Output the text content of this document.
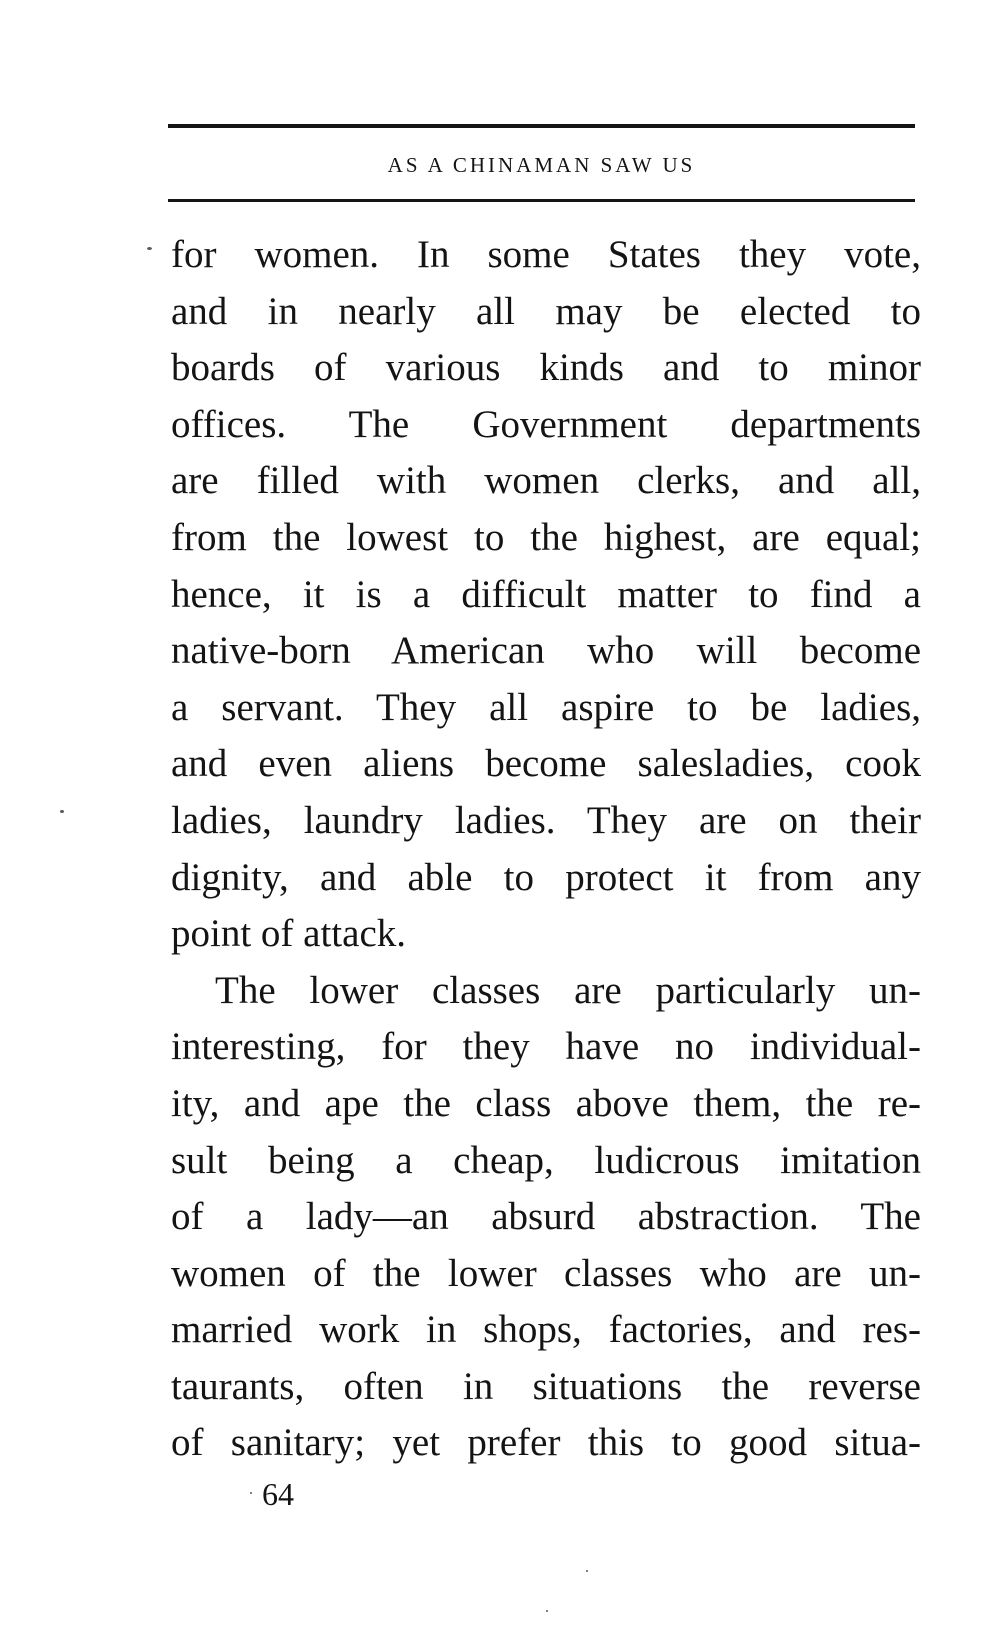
AS A CHINAMAN SAW US
for women. In some States they vote,
and in nearly all may be elected to
boards of various kinds and to minor
offices. The Government departments
are filled with women clerks, and all,
from the lowest to the highest, are equal;
hence, it is a difficult matter to find a
native-born American who will become
a servant. They all aspire to be ladies,
and even aliens become salesladies, cook
ladies, laundry ladies. They are on their
dignity, and able to protect it from any
point of attack.
The lower classes are particularly un-
interesting, for they have no individual-
ity, and ape the class above them, the re-
sult being a cheap, ludicrous imitation
of a lady—an absurd abstraction. The
women of the lower classes who are un-
married work in shops, factories, and res-
taurants, often in situations the reverse
of sanitary; yet prefer this to good situa-
64
